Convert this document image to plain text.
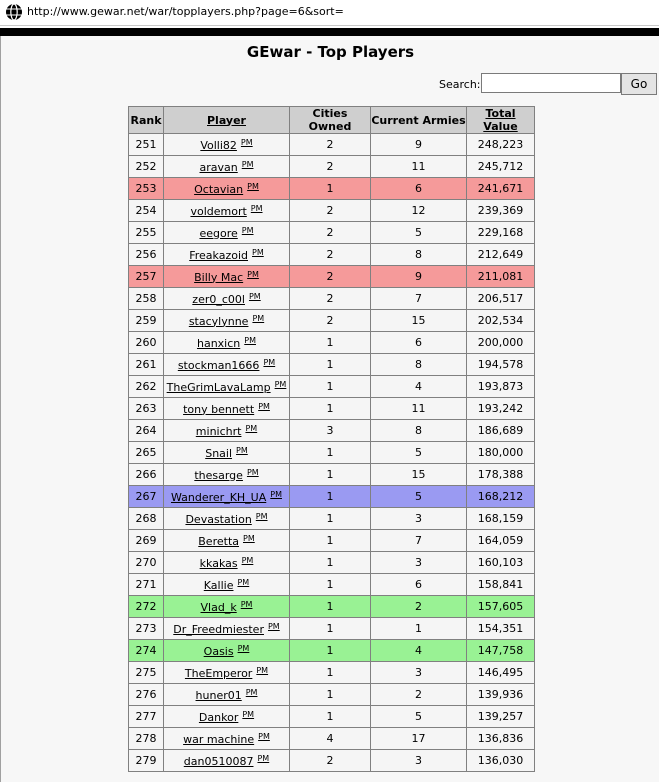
http://www.gewar.net/war/topplayers.php?page=6&sort=
GEwar - Top Players
Search:	Go
Rank	Player	Cities Owned	Current Armies	Total Value
251	Volli82 $^{PM}$	2	9	248,223
252	aravan $^{PM}$	2	11	245,712
253	Octavian $^{PM}$	1	6	241,671
254	voldemort $^{PM}$	2	12	239,369
255	eegore $^{PM}$	2	5	229,168
256	Freakazoid $^{PM}$	2	8	212,649
257	Billy Mac $^{PM}$	2	9	211,081
258	zer0_c00l $^{PM}$	2	7	206,517
259	stacylynne $^{PM}$	2	15	202,534
260	hanxicn $^{PM}$	1	6	200,000
261	stockman1666 $^{PM}$	1	8	194,578
262	TheGrimLavaLamp $^{PM}$	1	4	193,873
263	tony bennett $^{PM}$	1	11	193,242
264	minichrt $^{PM}$	3	8	186,689
265	Snail $^{PM}$	1	5	180,000
266	thesarge $^{PM}$	1	15	178,388
267	Wanderer_KH_UA $^{PM}$	1	5	168,212
268	Devastation $^{PM}$	1	3	168,159
269	Beretta $^{PM}$	1	7	164,059
270	kkakas $^{PM}$	1	3	160,103
271	Kallie $^{PM}$	1	6	158,841
272	Vlad_k $^{PM}$	1	2	157,605
273	Dr_Freedmiester $^{PM}$	1	1	154,351
274	Oasis $^{PM}$	1	4	147,758
275	TheEmperor $^{PM}$	1	3	146,495
276	huner01 $^{PM}$	1	2	139,936
277	Dankor $^{PM}$	1	5	139,257
278	war machine $^{PM}$	4	17	136,836
279	dan0510087 $^{PM}$	2	3	136,030
